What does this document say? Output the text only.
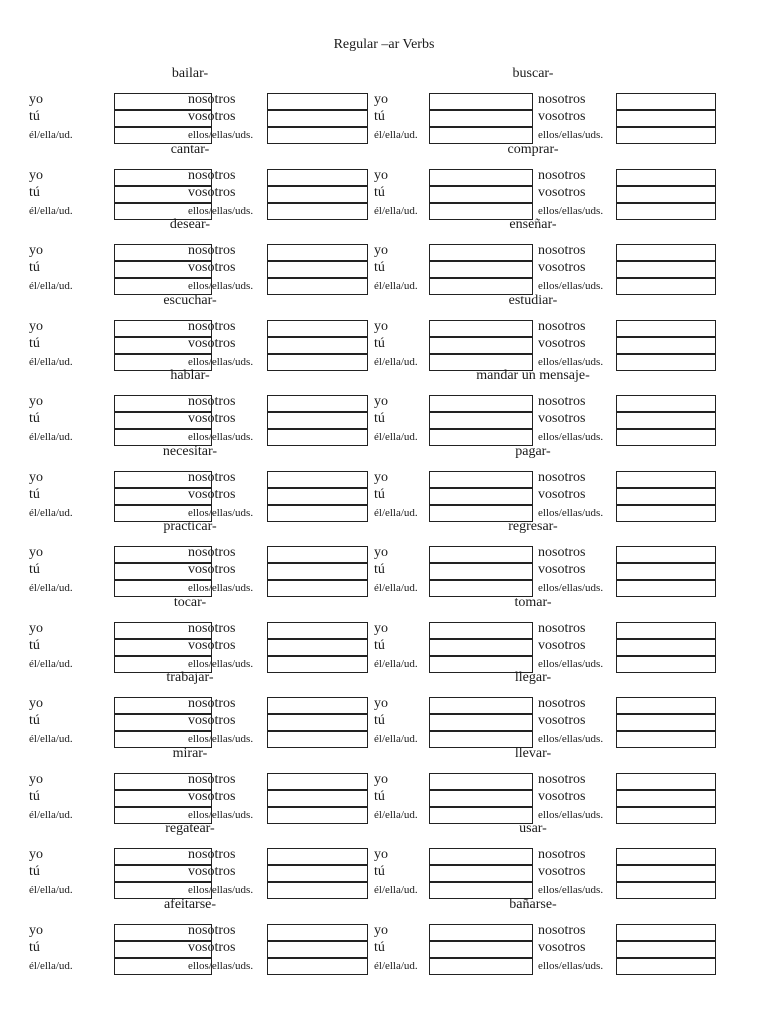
Regular –ar Verbs
bailar-
yo	nosotros
tú	vosotros
él/ella/ud.	ellos/ellas/uds.
buscar-
yo	nosotros
tú	vosotros
él/ella/ud.	ellos/ellas/uds.
cantar-
yo	nosotros
tú	vosotros
él/ella/ud.	ellos/ellas/uds.
comprar-
yo	nosotros
tú	vosotros
él/ella/ud.	ellos/ellas/uds.
desear-
yo	nosotros
tú	vosotros
él/ella/ud.	ellos/ellas/uds.
enseñar-
yo	nosotros
tú	vosotros
él/ella/ud.	ellos/ellas/uds.
escuchar-
yo	nosotros
tú	vosotros
él/ella/ud.	ellos/ellas/uds.
estudiar-
yo	nosotros
tú	vosotros
él/ella/ud.	ellos/ellas/uds.
hablar-
yo	nosotros
tú	vosotros
él/ella/ud.	ellos/ellas/uds.
mandar un mensaje-
yo	nosotros
tú	vosotros
él/ella/ud.	ellos/ellas/uds.
necesitar-
yo	nosotros
tú	vosotros
él/ella/ud.	ellos/ellas/uds.
pagar-
yo	nosotros
tú	vosotros
él/ella/ud.	ellos/ellas/uds.
practicar-
yo	nosotros
tú	vosotros
él/ella/ud.	ellos/ellas/uds.
regresar-
yo	nosotros
tú	vosotros
él/ella/ud.	ellos/ellas/uds.
tocar-
yo	nosotros
tú	vosotros
él/ella/ud.	ellos/ellas/uds.
tomar-
yo	nosotros
tú	vosotros
él/ella/ud.	ellos/ellas/uds.
trabajar-
yo	nosotros
tú	vosotros
él/ella/ud.	ellos/ellas/uds.
llegar-
yo	nosotros
tú	vosotros
él/ella/ud.	ellos/ellas/uds.
mirar-
yo	nosotros
tú	vosotros
él/ella/ud.	ellos/ellas/uds.
llevar-
yo	nosotros
tú	vosotros
él/ella/ud.	ellos/ellas/uds.
regatear-
yo	nosotros
tú	vosotros
él/ella/ud.	ellos/ellas/uds.
usar-
yo	nosotros
tú	vosotros
él/ella/ud.	ellos/ellas/uds.
afeitarse-
yo	nosotros
tú	vosotros
él/ella/ud.	ellos/ellas/uds.
bañarse-
yo	nosotros
tú	vosotros
él/ella/ud.	ellos/ellas/uds.
